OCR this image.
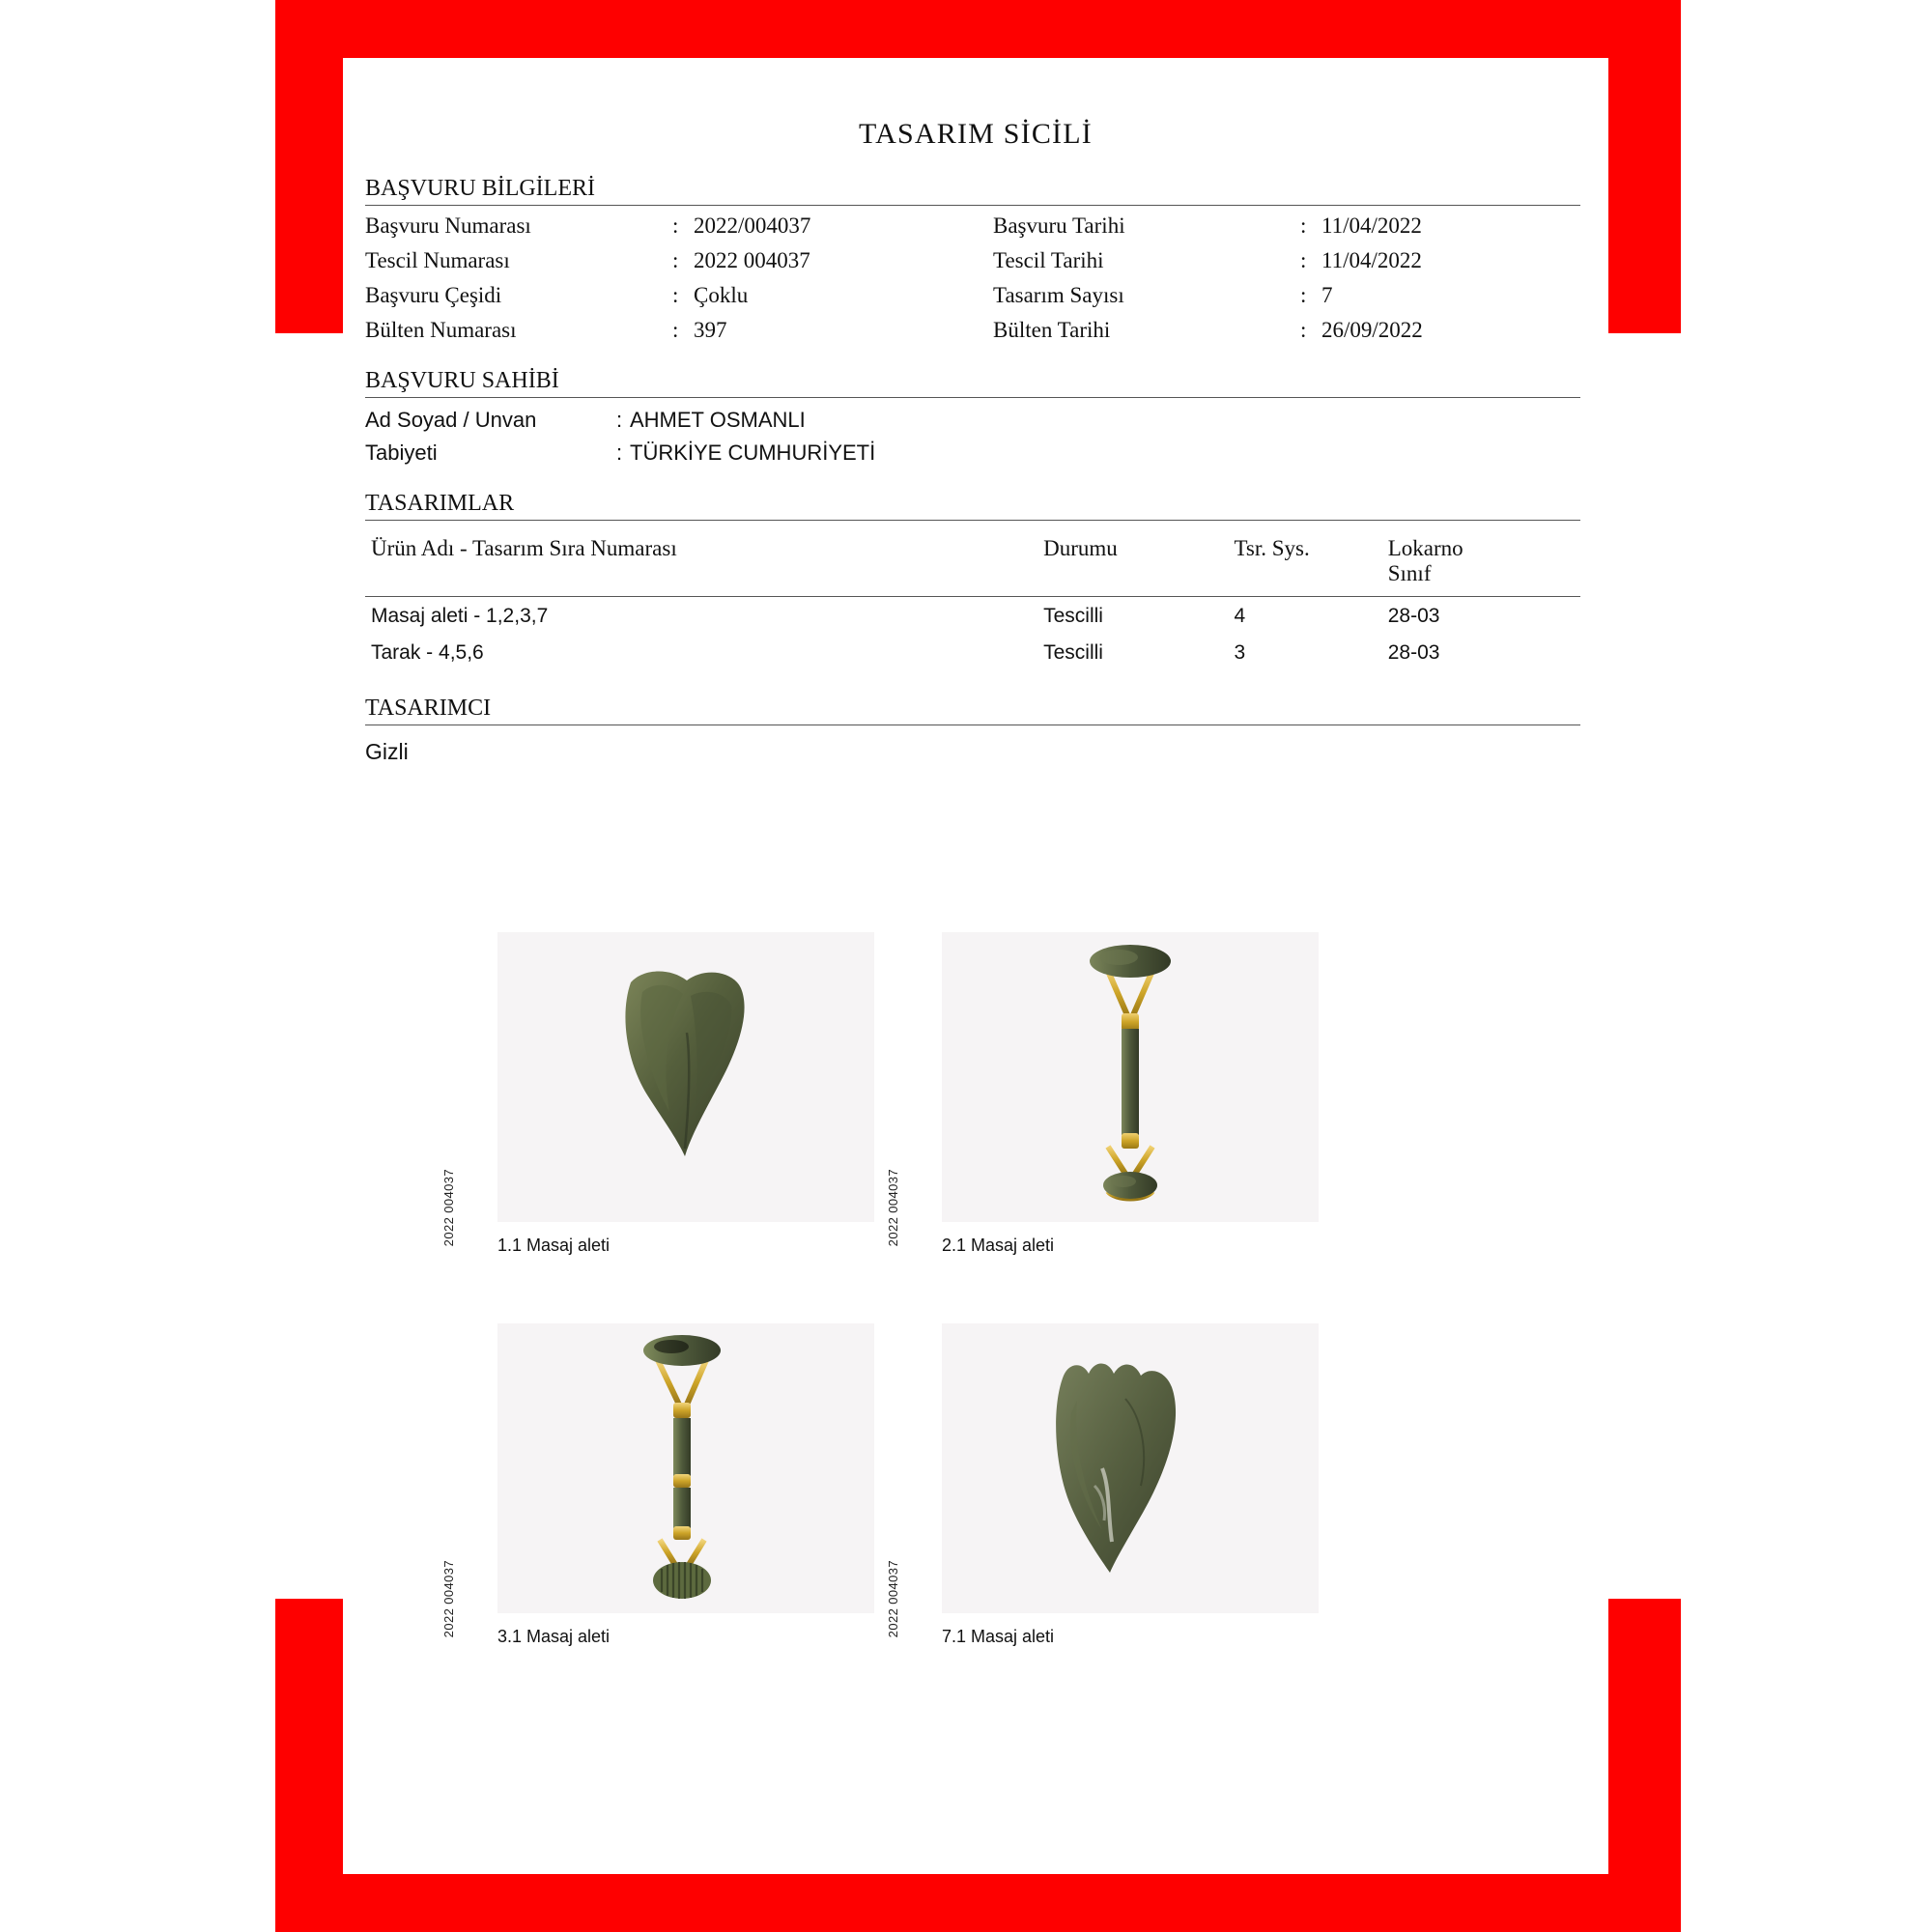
TASARIM SİCİLİ
BAŞVURU BİLGİLERİ
Başvuru Numarası	: 2022/004037	Başvuru Tarihi	: 11/04/2022
Tescil Numarası	: 2022 004037	Tescil Tarihi	: 11/04/2022
Başvuru Çeşidi	: Çoklu	Tasarım Sayısı	: 7
Bülten Numarası	: 397	Bülten Tarihi	: 26/09/2022
BAŞVURU SAHİBİ
Ad Soyad / Unvan	: AHMET OSMANLI
Tabiyeti	: TÜRKİYE CUMHURİYETİ
TASARIMLAR
Ürün Adı - Tasarım Sıra Numarası	Durumu	Tsr. Sys.	Lokarno
Sınıf
Masaj aleti - 1,2,3,7	Tescilli	4	28-03
Tarak - 4,5,6	Tescilli	3	28-03
TASARIMCI
Gizli
2022 004037 1.1 Masaj aleti	2022 004037 2.1 Masaj aleti
2022 004037 3.1 Masaj aleti	2022 004037 7.1 Masaj aleti
